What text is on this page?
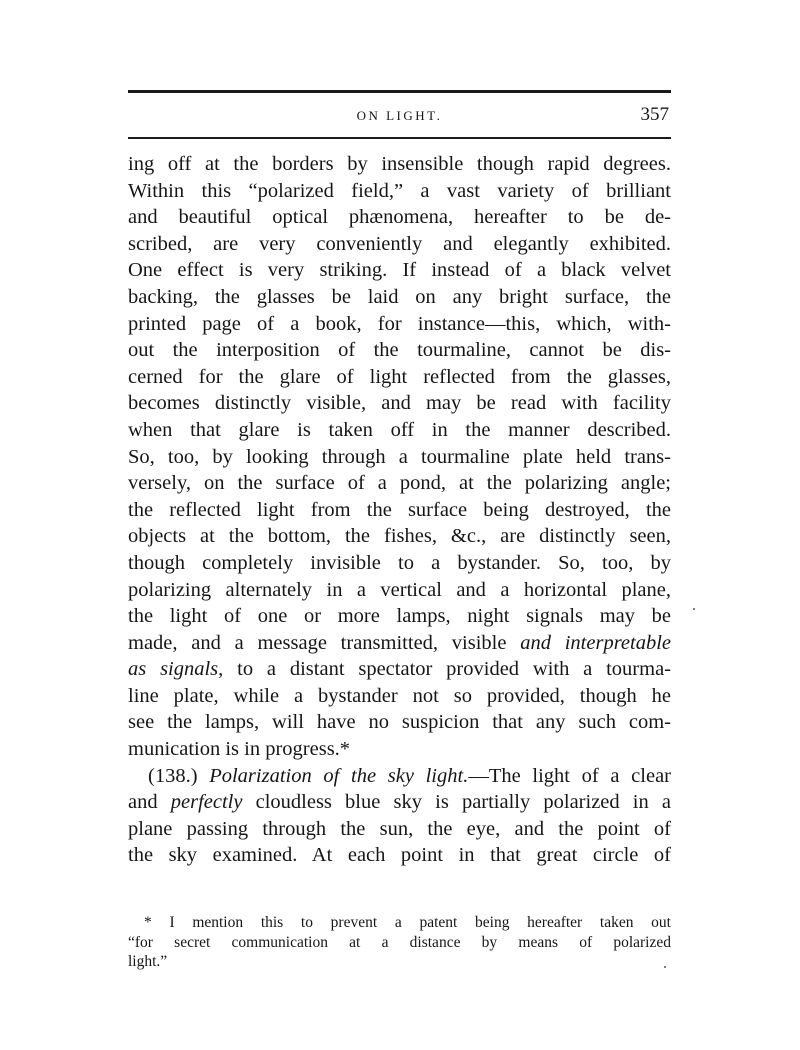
ON LIGHT.	357
ing off at the borders by insensible though rapid degrees.
Within this “polarized field,” a vast variety of brilliant
and beautiful optical phænomena, hereafter to be de-
scribed, are very conveniently and elegantly exhibited.
One effect is very striking. If instead of a black velvet
backing, the glasses be laid on any bright surface, the
printed page of a book, for instance—this, which, with-
out the interposition of the tourmaline, cannot be dis-
cerned for the glare of light reflected from the glasses,
becomes distinctly visible, and may be read with facility
when that glare is taken off in the manner described.
So, too, by looking through a tourmaline plate held trans-
versely, on the surface of a pond, at the polarizing angle;
the reflected light from the surface being destroyed, the
objects at the bottom, the fishes, &c., are distinctly seen,
though completely invisible to a bystander. So, too, by
polarizing alternately in a vertical and a horizontal plane,
the light of one or more lamps, night signals may be
made, and a message transmitted, visible and interpretable
as signals, to a distant spectator provided with a tourma-
line plate, while a bystander not so provided, though he
see the lamps, will have no suspicion that any such com-
munication is in progress.*
(138.) Polarization of the sky light.—The light of a clear
and perfectly cloudless blue sky is partially polarized in a
plane passing through the sun, the eye, and the point of
the sky examined. At each point in that great circle of
* I mention this to prevent a patent being hereafter taken out
“for secret communication at a distance by means of polarized
light.”
